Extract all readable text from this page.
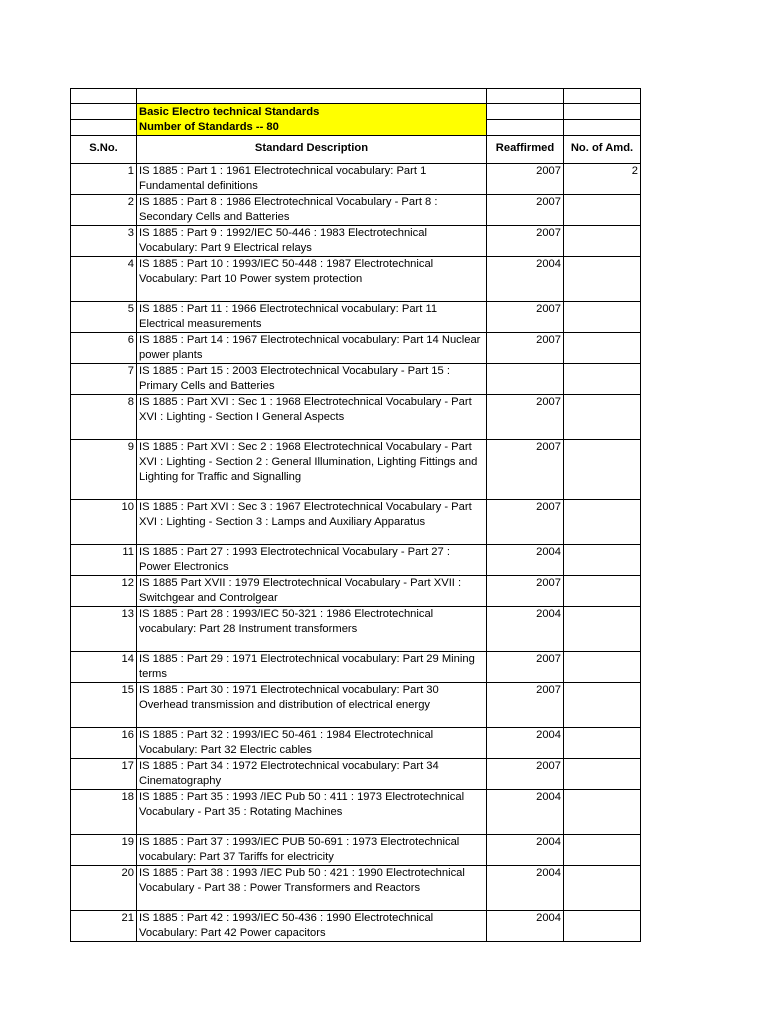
	Basic Electro technical Standards		
	Number of Standards -- 80		
S.No.	Standard Description	Reaffirmed	No. of Amd.

1	IS 1885 : Part 1 : 1961 Electrotechnical vocabulary: Part 1 Fundamental definitions	2007	2
2	IS 1885 : Part 8 : 1986 Electrotechnical Vocabulary - Part 8 : Secondary Cells and Batteries	2007	
3	IS 1885 : Part 9 : 1992/IEC 50-446 : 1983 Electrotechnical Vocabulary: Part 9 Electrical relays	2007	
4	IS 1885 : Part 10 : 1993/IEC 50-448 : 1987 Electrotechnical Vocabulary: Part 10 Power system protection	2004	
5	IS 1885 : Part 11 : 1966 Electrotechnical vocabulary: Part 11 Electrical measurements	2007	
6	IS 1885 : Part 14 : 1967 Electrotechnical vocabulary: Part 14 Nuclear power plants	2007	
7	IS 1885 : Part 15 : 2003 Electrotechnical Vocabulary - Part 15 : Primary Cells and Batteries		
8	IS 1885 : Part XVI : Sec 1 : 1968 Electrotechnical Vocabulary - Part XVI : Lighting - Section I General Aspects	2007	
9	IS 1885 : Part XVI : Sec 2 : 1968 Electrotechnical Vocabulary - Part XVI : Lighting - Section 2 : General Illumination, Lighting Fittings and Lighting for Traffic and Signalling	2007	
10	IS 1885 : Part XVI : Sec 3 : 1967 Electrotechnical Vocabulary - Part XVI : Lighting - Section 3 : Lamps and Auxiliary Apparatus	2007	
11	IS 1885 : Part 27 : 1993 Electrotechnical Vocabulary - Part 27 : Power Electronics	2004	
12	IS 1885 Part XVII : 1979 Electrotechnical Vocabulary - Part XVII : Switchgear and Controlgear	2007	
13	IS 1885 : Part 28 : 1993/IEC 50-321 : 1986 Electrotechnical vocabulary: Part 28 Instrument transformers	2004	
14	IS 1885 : Part 29 : 1971 Electrotechnical vocabulary: Part 29 Mining terms	2007	
15	IS 1885 : Part 30 : 1971 Electrotechnical vocabulary: Part 30 Overhead transmission and distribution of electrical energy	2007	
16	IS 1885 : Part 32 : 1993/IEC 50-461 : 1984 Electrotechnical Vocabulary: Part 32 Electric cables	2004	
17	IS 1885 : Part 34 : 1972 Electrotechnical vocabulary: Part 34 Cinematography	2007	
18	IS 1885 : Part 35 : 1993 /IEC Pub 50 : 411 : 1973 Electrotechnical Vocabulary - Part 35 : Rotating Machines	2004	
19	IS 1885 : Part 37 : 1993/IEC PUB 50-691 : 1973 Electrotechnical vocabulary: Part 37 Tariffs for electricity	2004	
20	IS 1885 : Part 38 : 1993 /IEC Pub 50 : 421 : 1990 Electrotechnical Vocabulary - Part 38 : Power Transformers and Reactors	2004	
21	IS 1885 : Part 42 : 1993/IEC 50-436 : 1990 Electrotechnical Vocabulary: Part 42 Power capacitors	2004	
